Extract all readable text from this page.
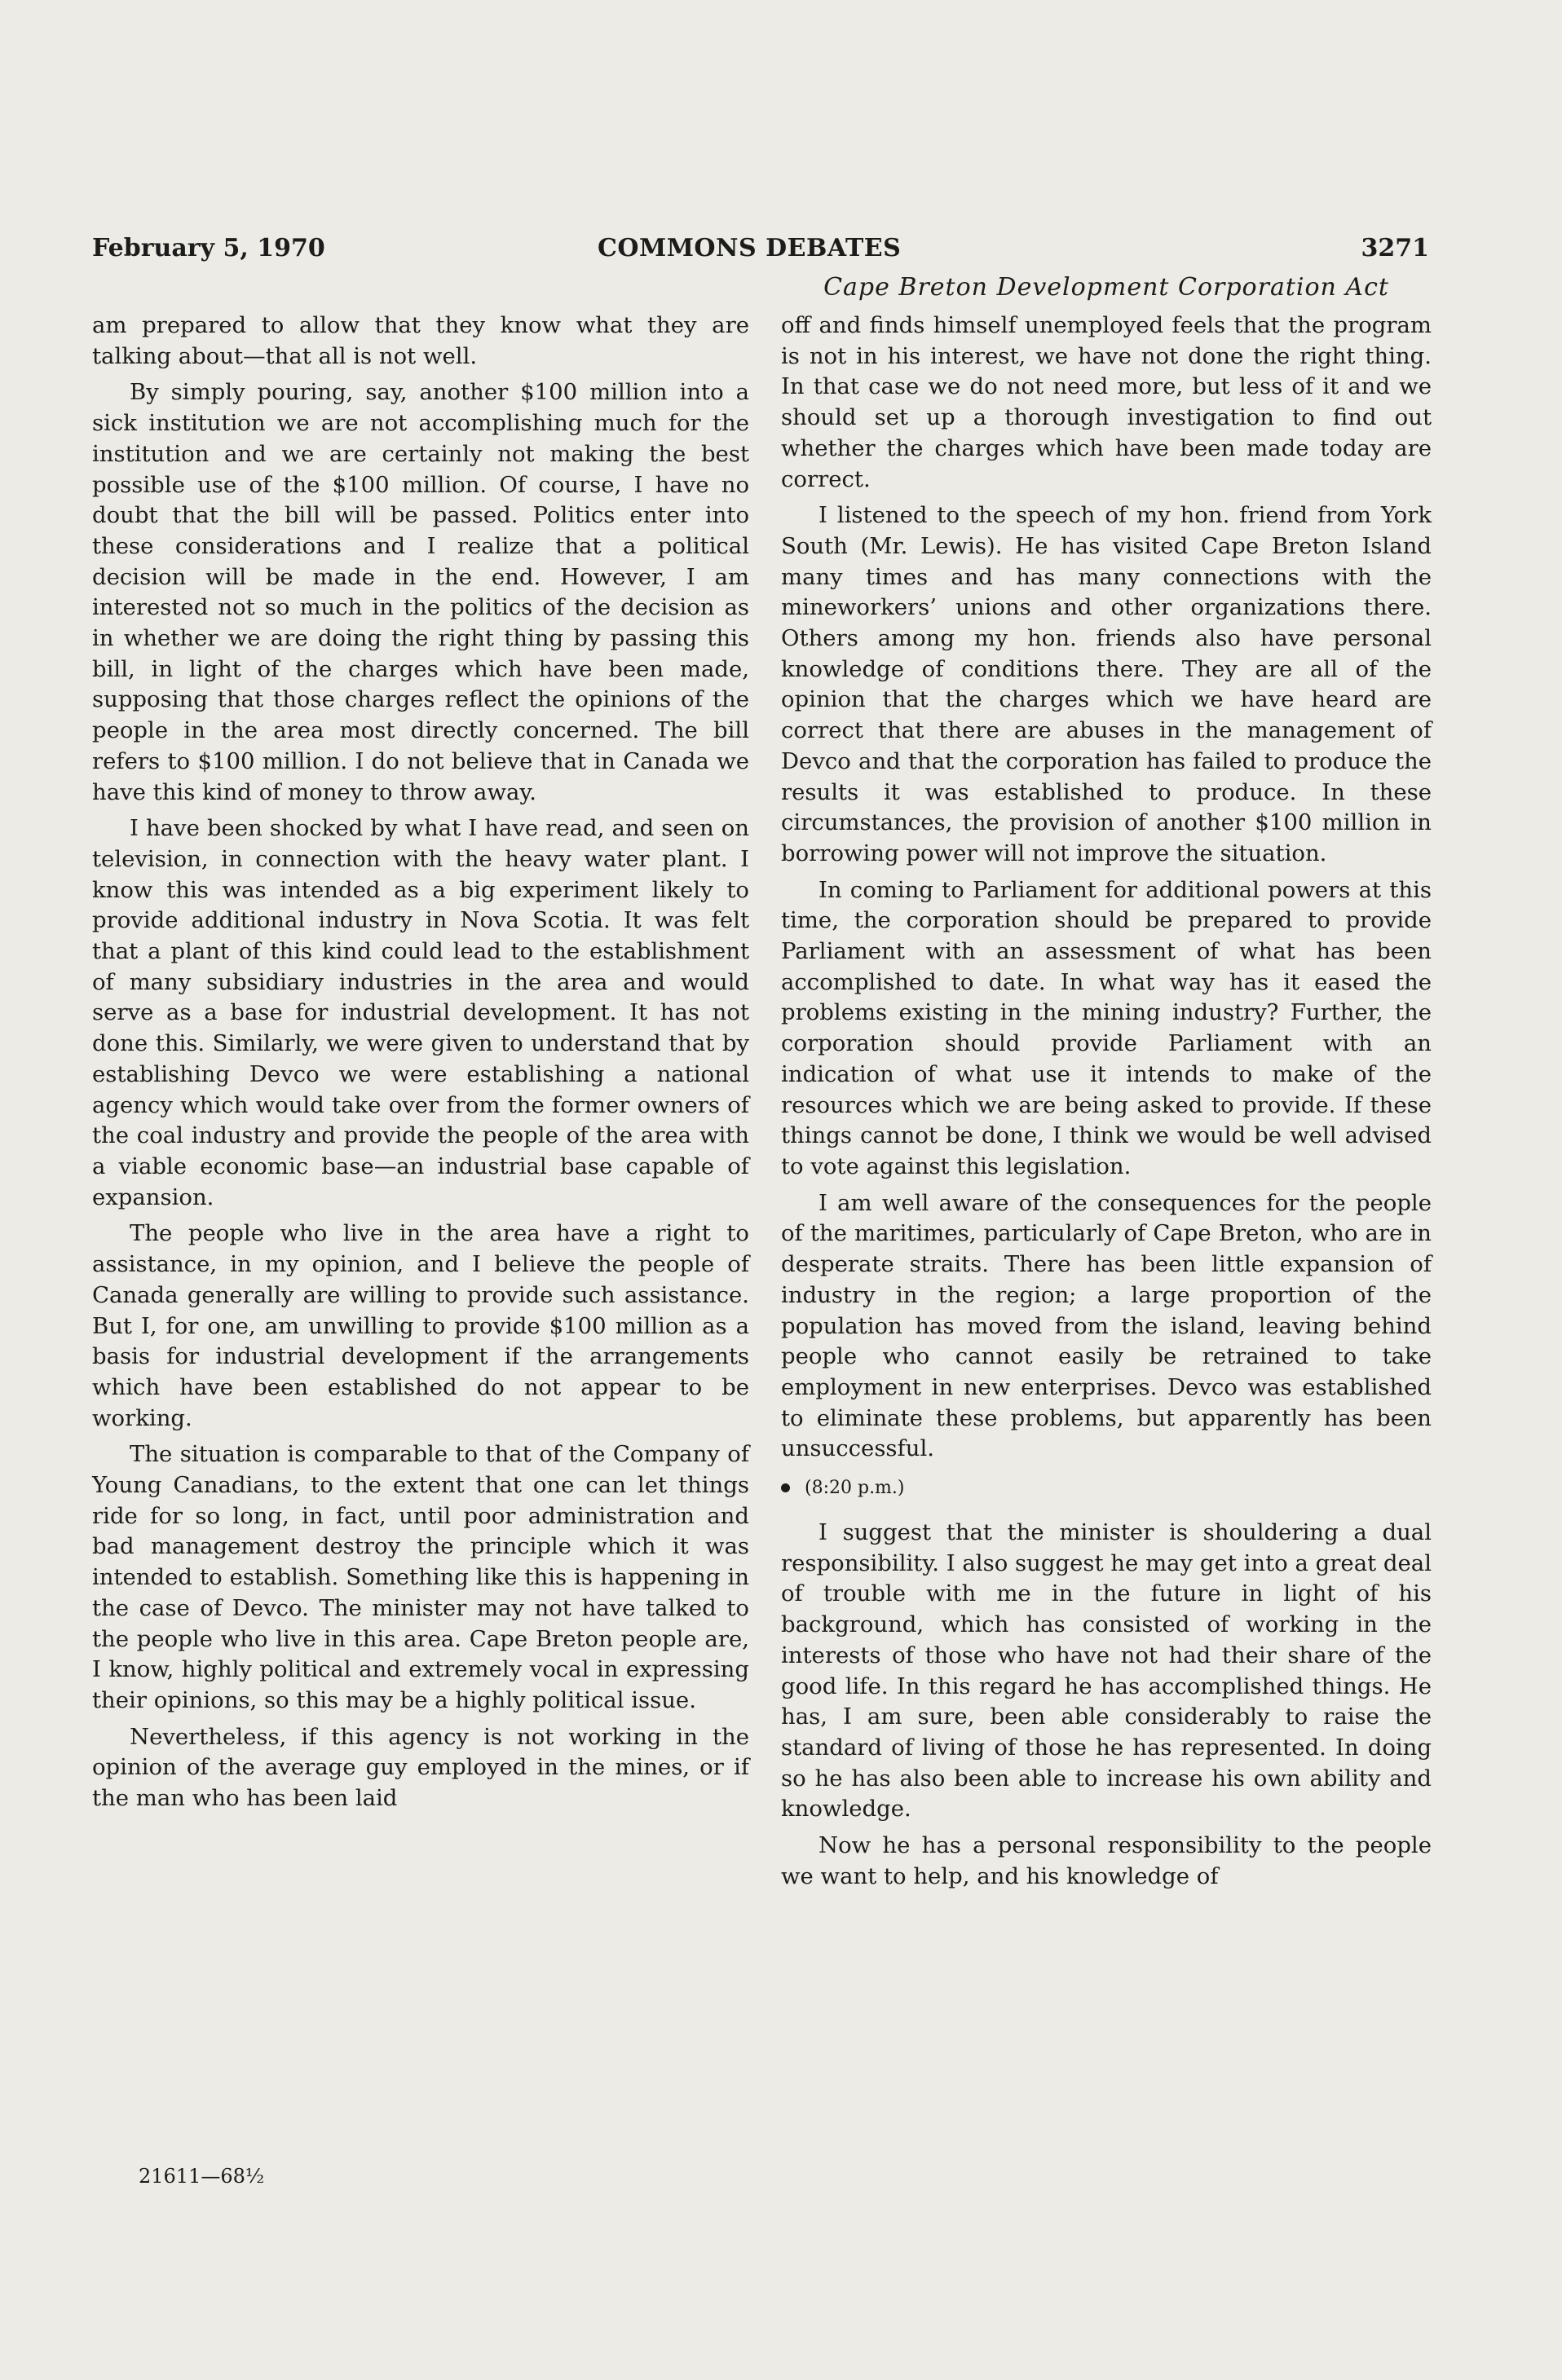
February 5, 1970	COMMONS DEBATES	3271
Cape Breton Development Corporation Act

am prepared to allow that they know what they are talking about—that all is not well.

By simply pouring, say, another $100 million into a sick institution we are not accomplishing much for the institution and we are certainly not making the best possible use of the $100 million. Of course, I have no doubt that the bill will be passed. Politics enter into these considerations and I realize that a political decision will be made in the end. However, I am interested not so much in the politics of the decision as in whether we are doing the right thing by passing this bill, in light of the charges which have been made, supposing that those charges reflect the opinions of the people in the area most directly concerned. The bill refers to $100 million. I do not believe that in Canada we have this kind of money to throw away.

I have been shocked by what I have read, and seen on television, in connection with the heavy water plant. I know this was intended as a big experiment likely to provide additional industry in Nova Scotia. It was felt that a plant of this kind could lead to the establishment of many subsidiary industries in the area and would serve as a base for industrial development. It has not done this. Similarly, we were given to understand that by establishing Devco we were establishing a national agency which would take over from the former owners of the coal industry and provide the people of the area with a viable economic base—an industrial base capable of expansion.

The people who live in the area have a right to assistance, in my opinion, and I believe the people of Canada generally are willing to provide such assistance. But I, for one, am unwilling to provide $100 million as a basis for industrial development if the arrangements which have been established do not appear to be working.

The situation is comparable to that of the Company of Young Canadians, to the extent that one can let things ride for so long, in fact, until poor administration and bad management destroy the principle which it was intended to establish. Something like this is happening in the case of Devco. The minister may not have talked to the people who live in this area. Cape Breton people are, I know, highly political and extremely vocal in expressing their opinions, so this may be a highly political issue.

Nevertheless, if this agency is not working in the opinion of the average guy employed in the mines, or if the man who has been laid

off and finds himself unemployed feels that the program is not in his interest, we have not done the right thing. In that case we do not need more, but less of it and we should set up a thorough investigation to find out whether the charges which have been made today are correct.

I listened to the speech of my hon. friend from York South (Mr. Lewis). He has visited Cape Breton Island many times and has many connections with the mineworkers’ unions and other organizations there. Others among my hon. friends also have personal knowledge of conditions there. They are all of the opinion that the charges which we have heard are correct that there are abuses in the management of Devco and that the corporation has failed to produce the results it was established to produce. In these circumstances, the provision of another $100 million in borrowing power will not improve the situation.

In coming to Parliament for additional powers at this time, the corporation should be prepared to provide Parliament with an assessment of what has been accomplished to date. In what way has it eased the problems existing in the mining industry? Further, the corporation should provide Parliament with an indication of what use it intends to make of the resources which we are being asked to provide. If these things cannot be done, I think we would be well advised to vote against this legislation.

I am well aware of the consequences for the people of the maritimes, particularly of Cape Breton, who are in desperate straits. There has been little expansion of industry in the region; a large proportion of the population has moved from the island, leaving behind people who cannot easily be retrained to take employment in new enterprises. Devco was established to eliminate these problems, but apparently has been unsuccessful.

(8:20 p.m.)

I suggest that the minister is shouldering a dual responsibility. I also suggest he may get into a great deal of trouble with me in the future in light of his background, which has consisted of working in the interests of those who have not had their share of the good life. In this regard he has accomplished things. He has, I am sure, been able considerably to raise the standard of living of those he has represented. In doing so he has also been able to increase his own ability and knowledge.

Now he has a personal responsibility to the people we want to help, and his knowledge of

21611—68½
